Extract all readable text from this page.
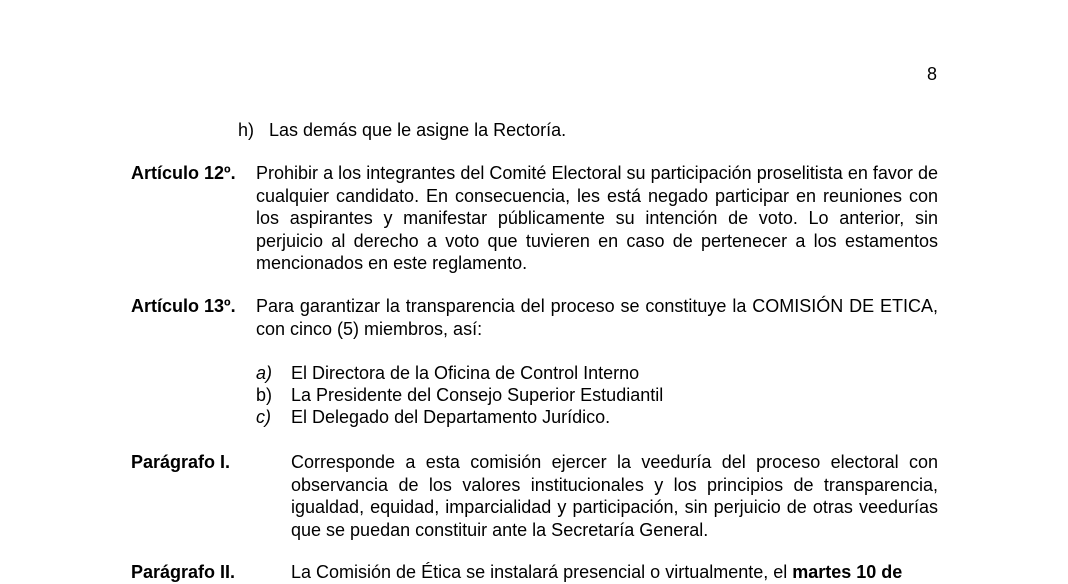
8
h) Las demás que le asigne la Rectoría.
Artículo 12º. Prohibir a los integrantes del Comité Electoral su participación proselitista en favor de cualquier candidato. En consecuencia, les está negado participar en reuniones con los aspirantes y manifestar públicamente su intención de voto. Lo anterior, sin perjuicio al derecho a voto que tuvieren en caso de pertenecer a los estamentos mencionados en este reglamento.
Artículo 13º. Para garantizar la transparencia del proceso se constituye la COMISIÓN DE ETICA, con cinco (5) miembros, así:
a) El Directora de la Oficina de Control Interno
b) La Presidente del Consejo Superior Estudiantil
c) El Delegado del Departamento Jurídico.
Parágrafo I.	Corresponde a esta comisión ejercer la veeduría del proceso electoral con observancia de los valores institucionales y los principios de transparencia, igualdad, equidad, imparcialidad y participación, sin perjuicio de otras veedurías que se puedan constituir ante la Secretaría General.
Parágrafo II.	La Comisión de Ética se instalará presencial o virtualmente, el martes 10 de
